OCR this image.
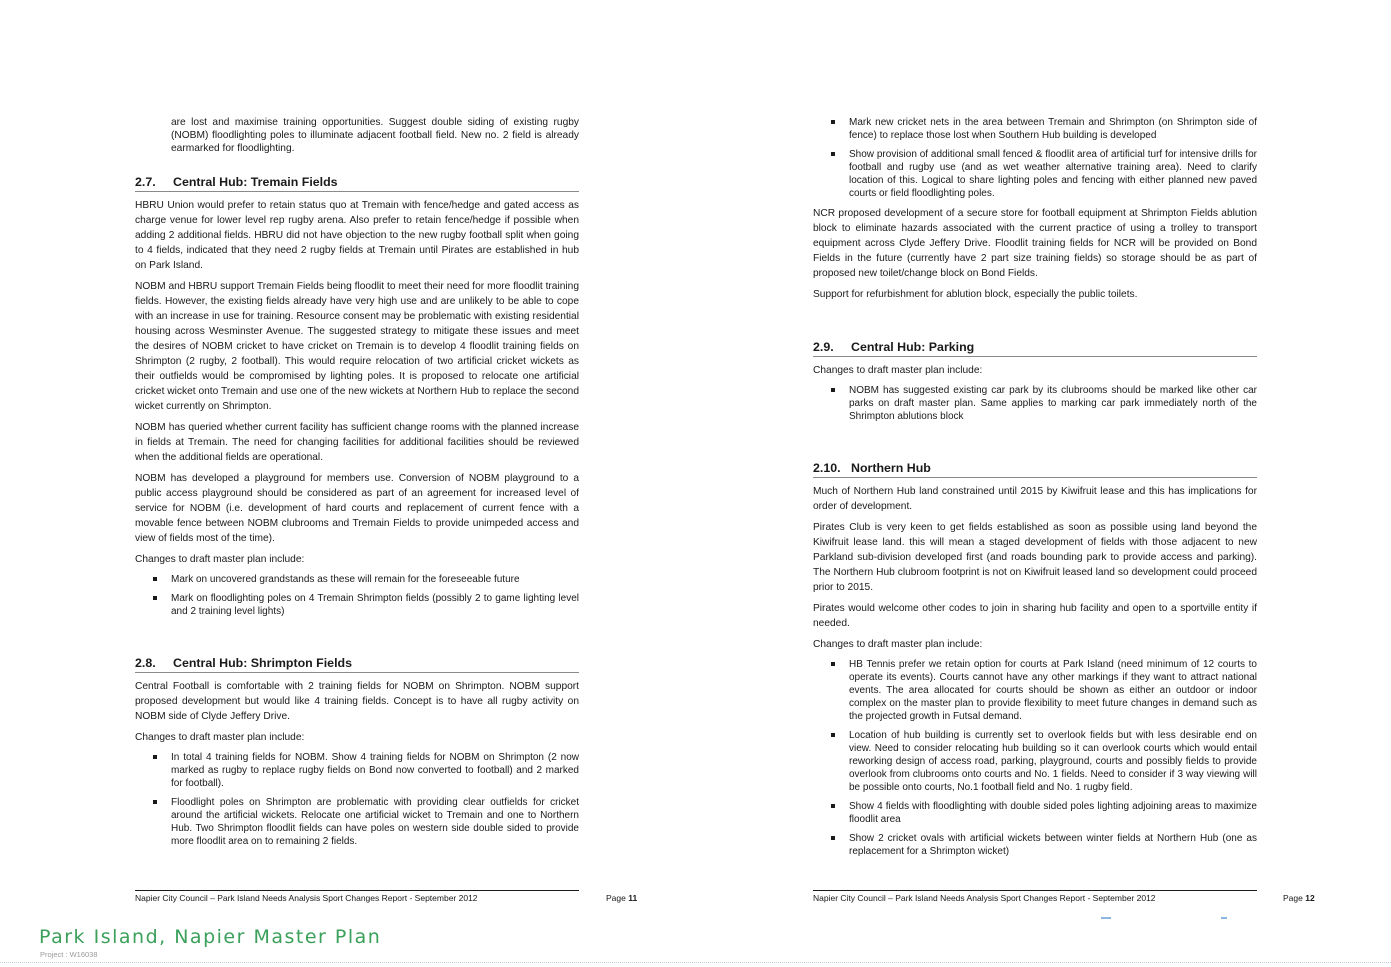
are lost and maximise training opportunities. Suggest double siding of existing rugby (NOBM) floodlighting poles to illuminate adjacent football field. New no. 2 field is already earmarked for floodlighting.

2.7. Central Hub: Tremain Fields

HBRU Union would prefer to retain status quo at Tremain with fence/hedge and gated access as charge venue for lower level rep rugby arena. Also prefer to retain fence/hedge if possible when adding 2 additional fields. HBRU did not have objection to the new rugby football split when going to 4 fields, indicated that they need 2 rugby fields at Tremain until Pirates are established in hub on Park Island.

NOBM and HBRU support Tremain Fields being floodlit to meet their need for more floodlit training fields. However, the existing fields already have very high use and are unlikely to be able to cope with an increase in use for training. Resource consent may be problematic with existing residential housing across Wesminster Avenue. The suggested strategy to mitigate these issues and meet the desires of NOBM cricket to have cricket on Tremain is to develop 4 floodlit training fields on Shrimpton (2 rugby, 2 football). This would require relocation of two artificial cricket wickets as their outfields would be compromised by lighting poles. It is proposed to relocate one artificial cricket wicket onto Tremain and use one of the new wickets at Northern Hub to replace the second wicket currently on Shrimpton.

NOBM has queried whether current facility has sufficient change rooms with the planned increase in fields at Tremain. The need for changing facilities for additional facilities should be reviewed when the additional fields are operational.

NOBM has developed a playground for members use. Conversion of NOBM playground to a public access playground should be considered as part of an agreement for increased level of service for NOBM (i.e. development of hard courts and replacement of current fence with a movable fence between NOBM clubrooms and Tremain Fields to provide unimpeded access and view of fields most of the time).

Changes to draft master plan include:

Mark on uncovered grandstands as these will remain for the foreseeable future
Mark on floodlighting poles on 4 Tremain Shrimpton fields (possibly 2 to game lighting level and 2 training level lights)
2.8. Central Hub: Shrimpton Fields

Central Football is comfortable with 2 training fields for NOBM on Shrimpton. NOBM support proposed development but would like 4 training fields. Concept is to have all rugby activity on NOBM side of Clyde Jeffery Drive.

Changes to draft master plan include:

In total 4 training fields for NOBM. Show 4 training fields for NOBM on Shrimpton (2 now marked as rugby to replace rugby fields on Bond now converted to football) and 2 marked for football).
Floodlight poles on Shrimpton are problematic with providing clear outfields for cricket around the artificial wickets. Relocate one artificial wicket to Tremain and one to Northern Hub. Two Shrimpton floodlit fields can have poles on western side double sided to provide more floodlit area on to remaining 2 fields.
Napier City Council – Park Island Needs Analysis Sport Changes Report - September 2012	Page 11
Mark new cricket nets in the area between Tremain and Shrimpton (on Shrimpton side of fence) to replace those lost when Southern Hub building is developed
Show provision of additional small fenced & floodlit area of artificial turf for intensive drills for football and rugby use (and as wet weather alternative training area). Need to clarify location of this. Logical to share lighting poles and fencing with either planned new paved courts or field floodlighting poles.

NCR proposed development of a secure store for football equipment at Shrimpton Fields ablution block to eliminate hazards associated with the current practice of using a trolley to transport equipment across Clyde Jeffery Drive. Floodlit training fields for NCR will be provided on Bond Fields in the future (currently have 2 part size training fields) so storage should be as part of proposed new toilet/change block on Bond Fields.

Support for refurbishment for ablution block, especially the public toilets.

2.9. Central Hub: Parking

Changes to draft master plan include:

NOBM has suggested existing car park by its clubrooms should be marked like other car parks on draft master plan. Same applies to marking car park immediately north of the Shrimpton ablutions block
2.10. Northern Hub

Much of Northern Hub land constrained until 2015 by Kiwifruit lease and this has implications for order of development.

Pirates Club is very keen to get fields established as soon as possible using land beyond the Kiwifruit lease land. this will mean a staged development of fields with those adjacent to new Parkland sub-division developed first (and roads bounding park to provide access and parking). The Northern Hub clubroom footprint is not on Kiwifruit leased land so development could proceed prior to 2015.

Pirates would welcome other codes to join in sharing hub facility and open to a sportville entity if needed.

Changes to draft master plan include:

HB Tennis prefer we retain option for courts at Park Island (need minimum of 12 courts to operate its events). Courts cannot have any other markings if they want to attract national events. The area allocated for courts should be shown as either an outdoor or indoor complex on the master plan to provide flexibility to meet future changes in demand such as the projected growth in Futsal demand.
Location of hub building is currently set to overlook fields but with less desirable end on view. Need to consider relocating hub building so it can overlook courts which would entail reworking design of access road, parking, playground, courts and possibly fields to provide overlook from clubrooms onto courts and No. 1 fields. Need to consider if 3 way viewing will be possible onto courts, No.1 football field and No. 1 rugby field.
Show 4 fields with floodlighting with double sided poles lighting adjoining areas to maximize floodlit area
Show 2 cricket ovals with artificial wickets between winter fields at Northern Hub (one as replacement for a Shrimpton wicket)
Napier City Council – Park Island Needs Analysis Sport Changes Report - September 2012	Page 12
Park Island, Napier Master Plan
Project : W16038
